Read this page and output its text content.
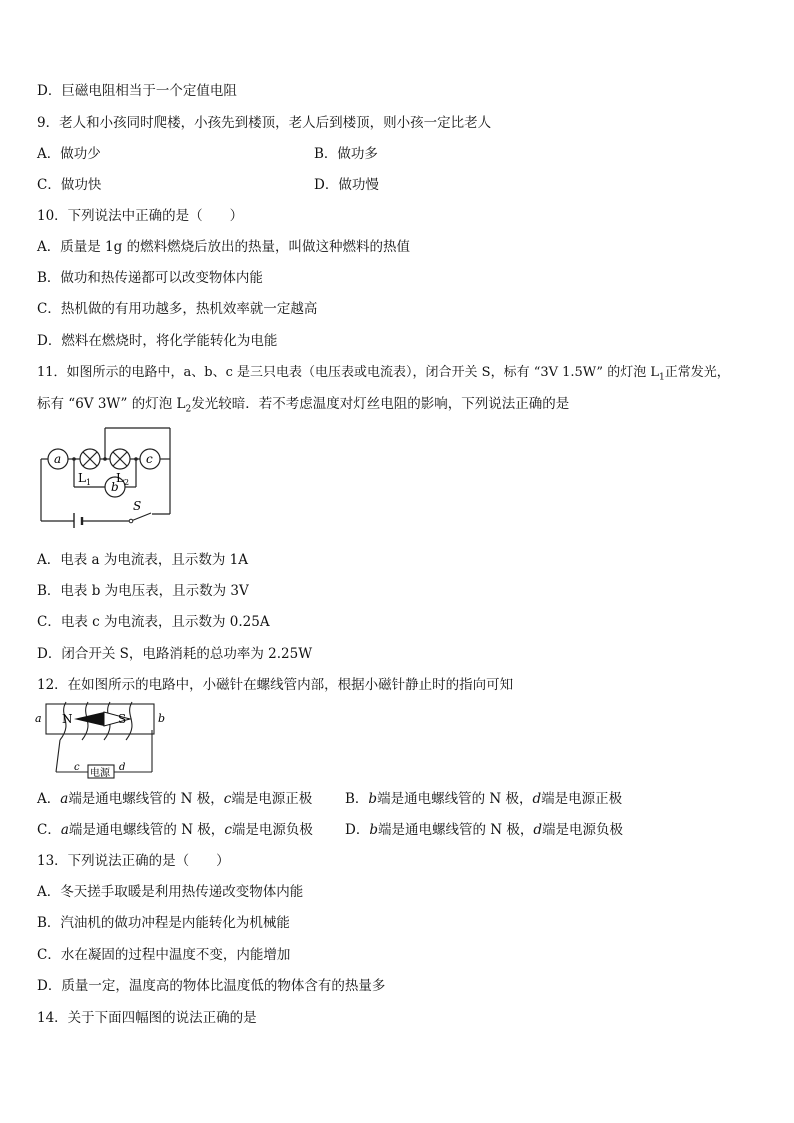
D．巨磁电阻相当于一个定值电阻
9．老人和小孩同时爬楼，小孩先到楼顶，老人后到楼顶，则小孩一定比老人
A．做功少	B．做功多
C．做功快	D．做功慢
10．下列说法中正确的是（　　）
A．质量是 1g 的燃料燃烧后放出的热量，叫做这种燃料的热值
B．做功和热传递都可以改变物体内能
C．热机做的有用功越多，热机效率就一定越高
D．燃料在燃烧时，将化学能转化为电能
11．如图所示的电路中，a、b、c 是三只电表（电压表或电流表），闭合开关 S，标有 “3V 1.5W” 的灯泡 $L_1$正常发光，
标有 “6V 3W” 的灯泡 $L_2$发光较暗．若不考虑温度对灯丝电阻的影响，下列说法正确的是
a
b
c
$L_1$ $L_2$
S
A．电表 a 为电流表，且示数为 1A
B．电表 b 为电压表，且示数为 3V
C．电表 c 为电流表，且示数为 0.25A
D．闭合开关 S，电路消耗的总功率为 2.25W
12．在如图所示的电路中，小磁针在螺线管内部，根据小磁针静止时的指向可知
a	b
N	S
c	d
电源
A．a端是通电螺线管的 N 极，c端是电源正极 B．b端是通电螺线管的 N 极，d端是电源正极
C．a端是通电螺线管的 N 极，c端是电源负极 D．b端是通电螺线管的 N 极，d端是电源负极
13．下列说法正确的是（　　）
A．冬天搓手取暖是利用热传递改变物体内能
B．汽油机的做功冲程是内能转化为机械能
C．水在凝固的过程中温度不变，内能增加
D．质量一定，温度高的物体比温度低的物体含有的热量多
14．关于下面四幅图的说法正确的是
